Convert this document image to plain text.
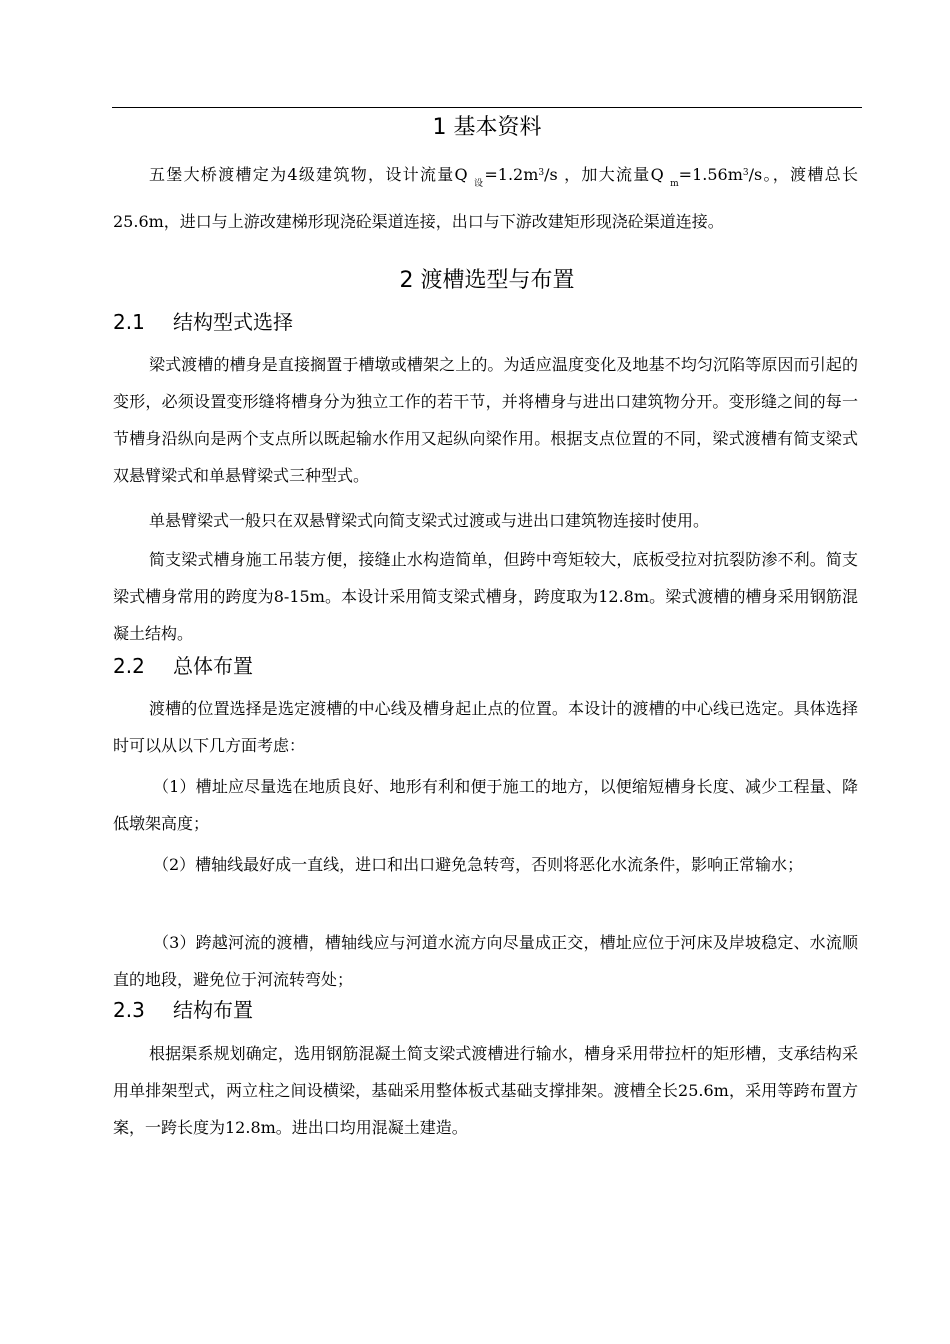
1 基本资料

五堡大桥渡槽定为4级建筑物，设计流量Q $_设=1.2m^3/s$ ，加大流量Q $_m=1.56m^3/s$。，渡槽总长25.6m，进口与上游改建梯形现浇砼渠道连接，出口与下游改建矩形现浇砼渠道连接。

2 渡槽选型与布置
2.1 结构型式选择

梁式渡槽的槽身是直接搁置于槽墩或槽架之上的。为适应温度变化及地基不均匀沉陷等原因而引起的变形，必须设置变形缝将槽身分为独立工作的若干节，并将槽身与进出口建筑物分开。变形缝之间的每一节槽身沿纵向是两个支点所以既起输水作用又起纵向梁作用。根据支点位置的不同，梁式渡槽有简支梁式双悬臂梁式和单悬臂梁式三种型式。

单悬臂梁式一般只在双悬臂梁式向简支梁式过渡或与进出口建筑物连接时使用。

简支梁式槽身施工吊装方便，接缝止水构造简单，但跨中弯矩较大，底板受拉对抗裂防渗不利。简支梁式槽身常用的跨度为8-15m。本设计采用简支梁式槽身，跨度取为12.8m。梁式渡槽的槽身采用钢筋混凝土结构。

2.2 总体布置

渡槽的位置选择是选定渡槽的中心线及槽身起止点的位置。本设计的渡槽的中心线已选定。具体选择时可以从以下几方面考虑：

（1）槽址应尽量选在地质良好、地形有利和便于施工的地方，以便缩短槽身长度、减少工程量、降低墩架高度；

（2）槽轴线最好成一直线，进口和出口避免急转弯，否则将恶化水流条件，影响正常输水；

（3）跨越河流的渡槽，槽轴线应与河道水流方向尽量成正交，槽址应位于河床及岸坡稳定、水流顺直的地段，避免位于河流转弯处；

2.3 结构布置

根据渠系规划确定，选用钢筋混凝土简支梁式渡槽进行输水，槽身采用带拉杆的矩形槽，支承结构采用单排架型式，两立柱之间设横梁，基础采用整体板式基础支撑排架。渡槽全长25.6m，采用等跨布置方案，一跨长度为12.8m。进出口均用混凝土建造。
